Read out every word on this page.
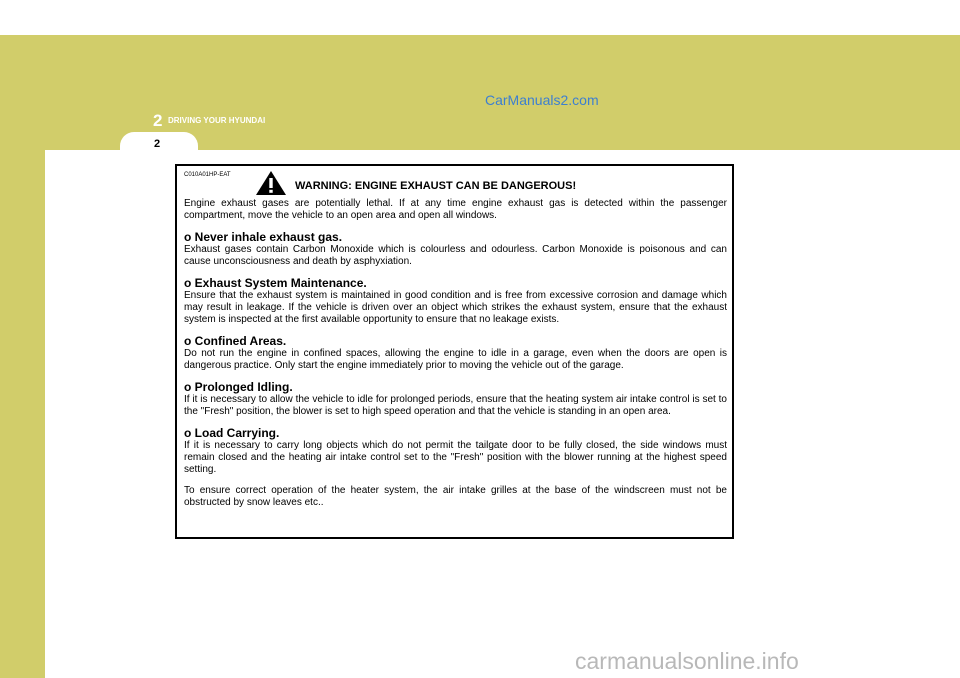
2 DRIVING YOUR HYUNDAI
2
CarManuals2.com
C010A01HP-EAT
WARNING: ENGINE EXHAUST CAN BE DANGEROUS!

Engine exhaust gases are potentially lethal. If at any time engine exhaust gas is detected within the passenger compartment, move the vehicle to an open area and open all windows.

o Never inhale exhaust gas.

Exhaust gases contain Carbon Monoxide which is colourless and odourless. Carbon Monoxide is poisonous and can cause unconsciousness and death by asphyxiation.

o Exhaust System Maintenance.

Ensure that the exhaust system is maintained in good condition and is free from excessive corrosion and damage which may result in leakage. If the vehicle is driven over an object which strikes the exhaust system, ensure that the exhaust system is inspected at the first available opportunity to ensure that no leakage exists.

o Confined Areas.

Do not run the engine in confined spaces, allowing the engine to idle in a garage, even when the doors are open is dangerous practice. Only start the engine immediately prior to moving the vehicle out of the garage.

o Prolonged Idling.

If it is necessary to allow the vehicle to idle for prolonged periods, ensure that the heating system air intake control is set to the "Fresh" position, the blower is set to high speed operation and that the vehicle is standing in an open area.

o Load Carrying.

If it is necessary to carry long objects which do not permit the tailgate door to be fully closed, the side windows must remain closed and the heating air intake control set to the "Fresh" position with the blower running at the highest speed setting.

To ensure correct operation of the heater system, the air intake grilles at the base of the windscreen must not be obstructed by snow leaves etc..

carmanualsonline.info
